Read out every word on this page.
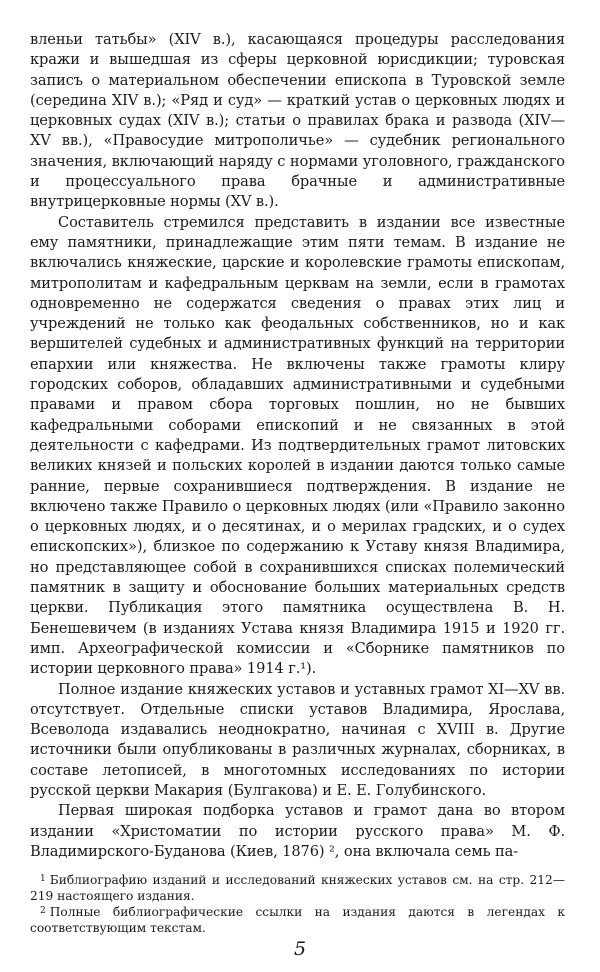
вленьи татьбы» (XIV в.), касающаяся процедуры расследования кражи и вышедшая из сферы церковной юрисдикции; туровская записъ о материальном обеспечении епископа в Туровской земле (середина XIV в.); «Ряд и суд» — краткий устав о церковных людях и церковных судах (XIV в.); статьи о правилах брака и развода (XIV—XV вв.), «Правосудие митрополичье» — судебник регионального значения, включающий наряду с нормами уголовного, гражданского и процессуального права брачные и административные внутрицерковные нормы (XV в.).

Составитель стремился представить в издании все известные ему памятники, принадлежащие этим пяти темам. В издание не включались княжеские, царские и королевские грамоты епископам, митрополитам и кафедральным церквам на земли, если в грамотах одновременно не содержатся сведения о правах этих лиц и учреждений не только как феодальных собственников, но и как вершителей судебных и административных функций на территории епархии или княжества. Не включены также грамоты клиру городских соборов, обладавших административными и судебными правами и правом сбора торговых пошлин, но не бывших кафедральными соборами епископий и не связанных в этой деятельности с кафедрами. Из подтвердительных грамот литовских великих князей и польских королей в издании даются только самые ранние, первые сохранившиеся подтверждения. В издание не включено также Правило о церковных людях (или «Правило законно о церковных людях, и о десятинах, и о мерилах градских, и о судех епископских»), близкое по содержанию к Уставу князя Владимира, но представляющее собой в сохранившихся списках полемический памятник в защиту и обоснование больших материальных средств церкви. Публикация этого памятника осуществлена В. Н. Бенешевичем (в изданиях Устава князя Владимира 1915 и 1920 гг. имп. Археографической комиссии и «Сборнике памятников по истории церковного права» 1914 г.¹).

Полное издание княжеских уставов и уставных грамот XI—XV вв. отсутствует. Отдельные списки уставов Владимира, Ярослава, Всеволода издавались неоднократно, начиная с XVIII в. Другие источники были опубликованы в различных журналах, сборниках, в составе летописей, в многотомных исследованиях по истории русской церкви Макария (Булгакова) и Е. Е. Голубинского.

Первая широкая подборка уставов и грамот дана во втором издании «Христоматии по истории русского права» М. Ф. Владимирского-Буданова (Киев, 1876) ², она включала семь па-

$^1$ Библиографию изданий и исследований княжеских уставов см. на стр. 212—219 настоящего издания.

$^2$ Полные библиографические ссылки на издания даются в легендах к соответствующим текстам.

5
